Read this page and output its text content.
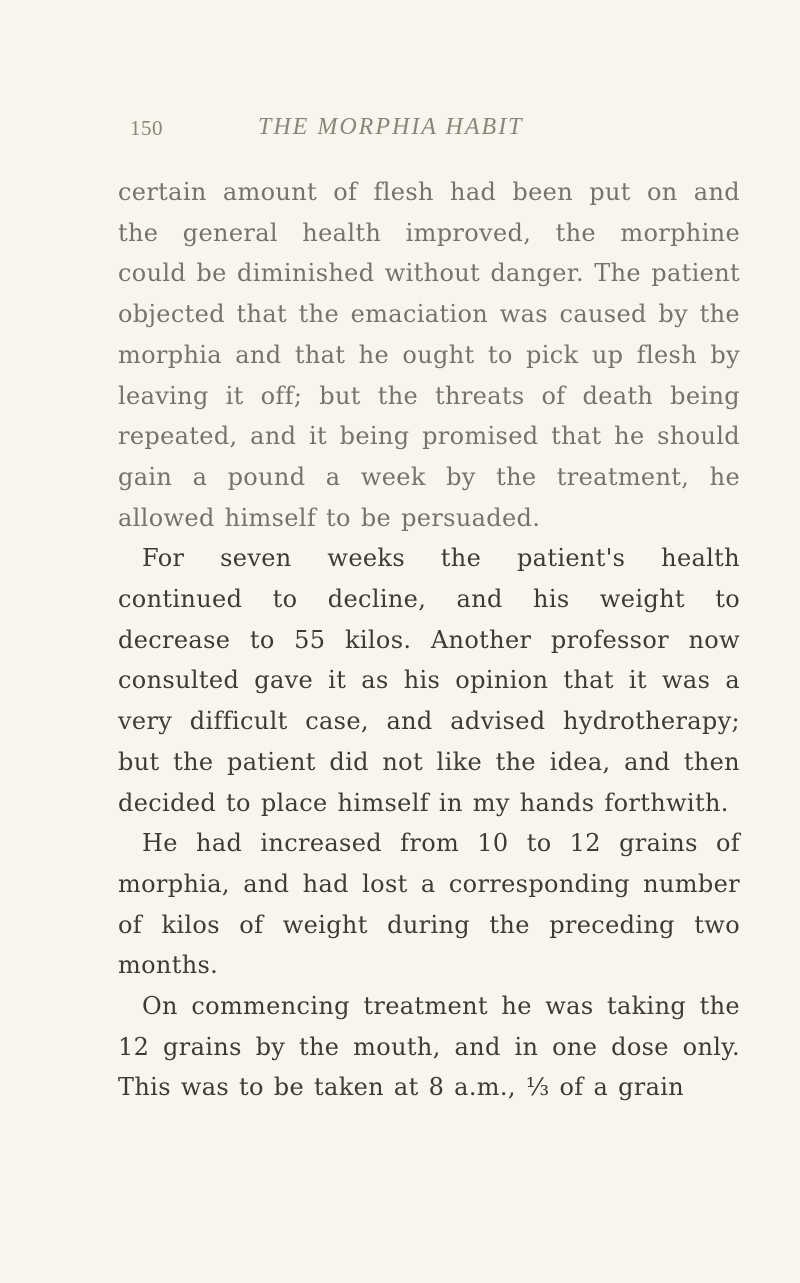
150	THE MORPHIA HABIT

certain amount of flesh had been put on and the general health improved, the morphine could be diminished without danger. The patient objected that the emaciation was caused by the morphia and that he ought to pick up flesh by leaving it off; but the threats of death being repeated, and it being promised that he should gain a pound a week by the treatment, he allowed himself to be persuaded.

For seven weeks the patient's health continued to decline, and his weight to decrease to 55 kilos. Another professor now consulted gave it as his opinion that it was a very difficult case, and advised hydrotherapy; but the patient did not like the idea, and then decided to place himself in my hands forthwith.

He had increased from 10 to 12 grains of morphia, and had lost a corresponding number of kilos of weight during the preceding two months.

On commencing treatment he was taking the 12 grains by the mouth, and in one dose only. This was to be taken at 8 a.m., ⅓ of a grain
